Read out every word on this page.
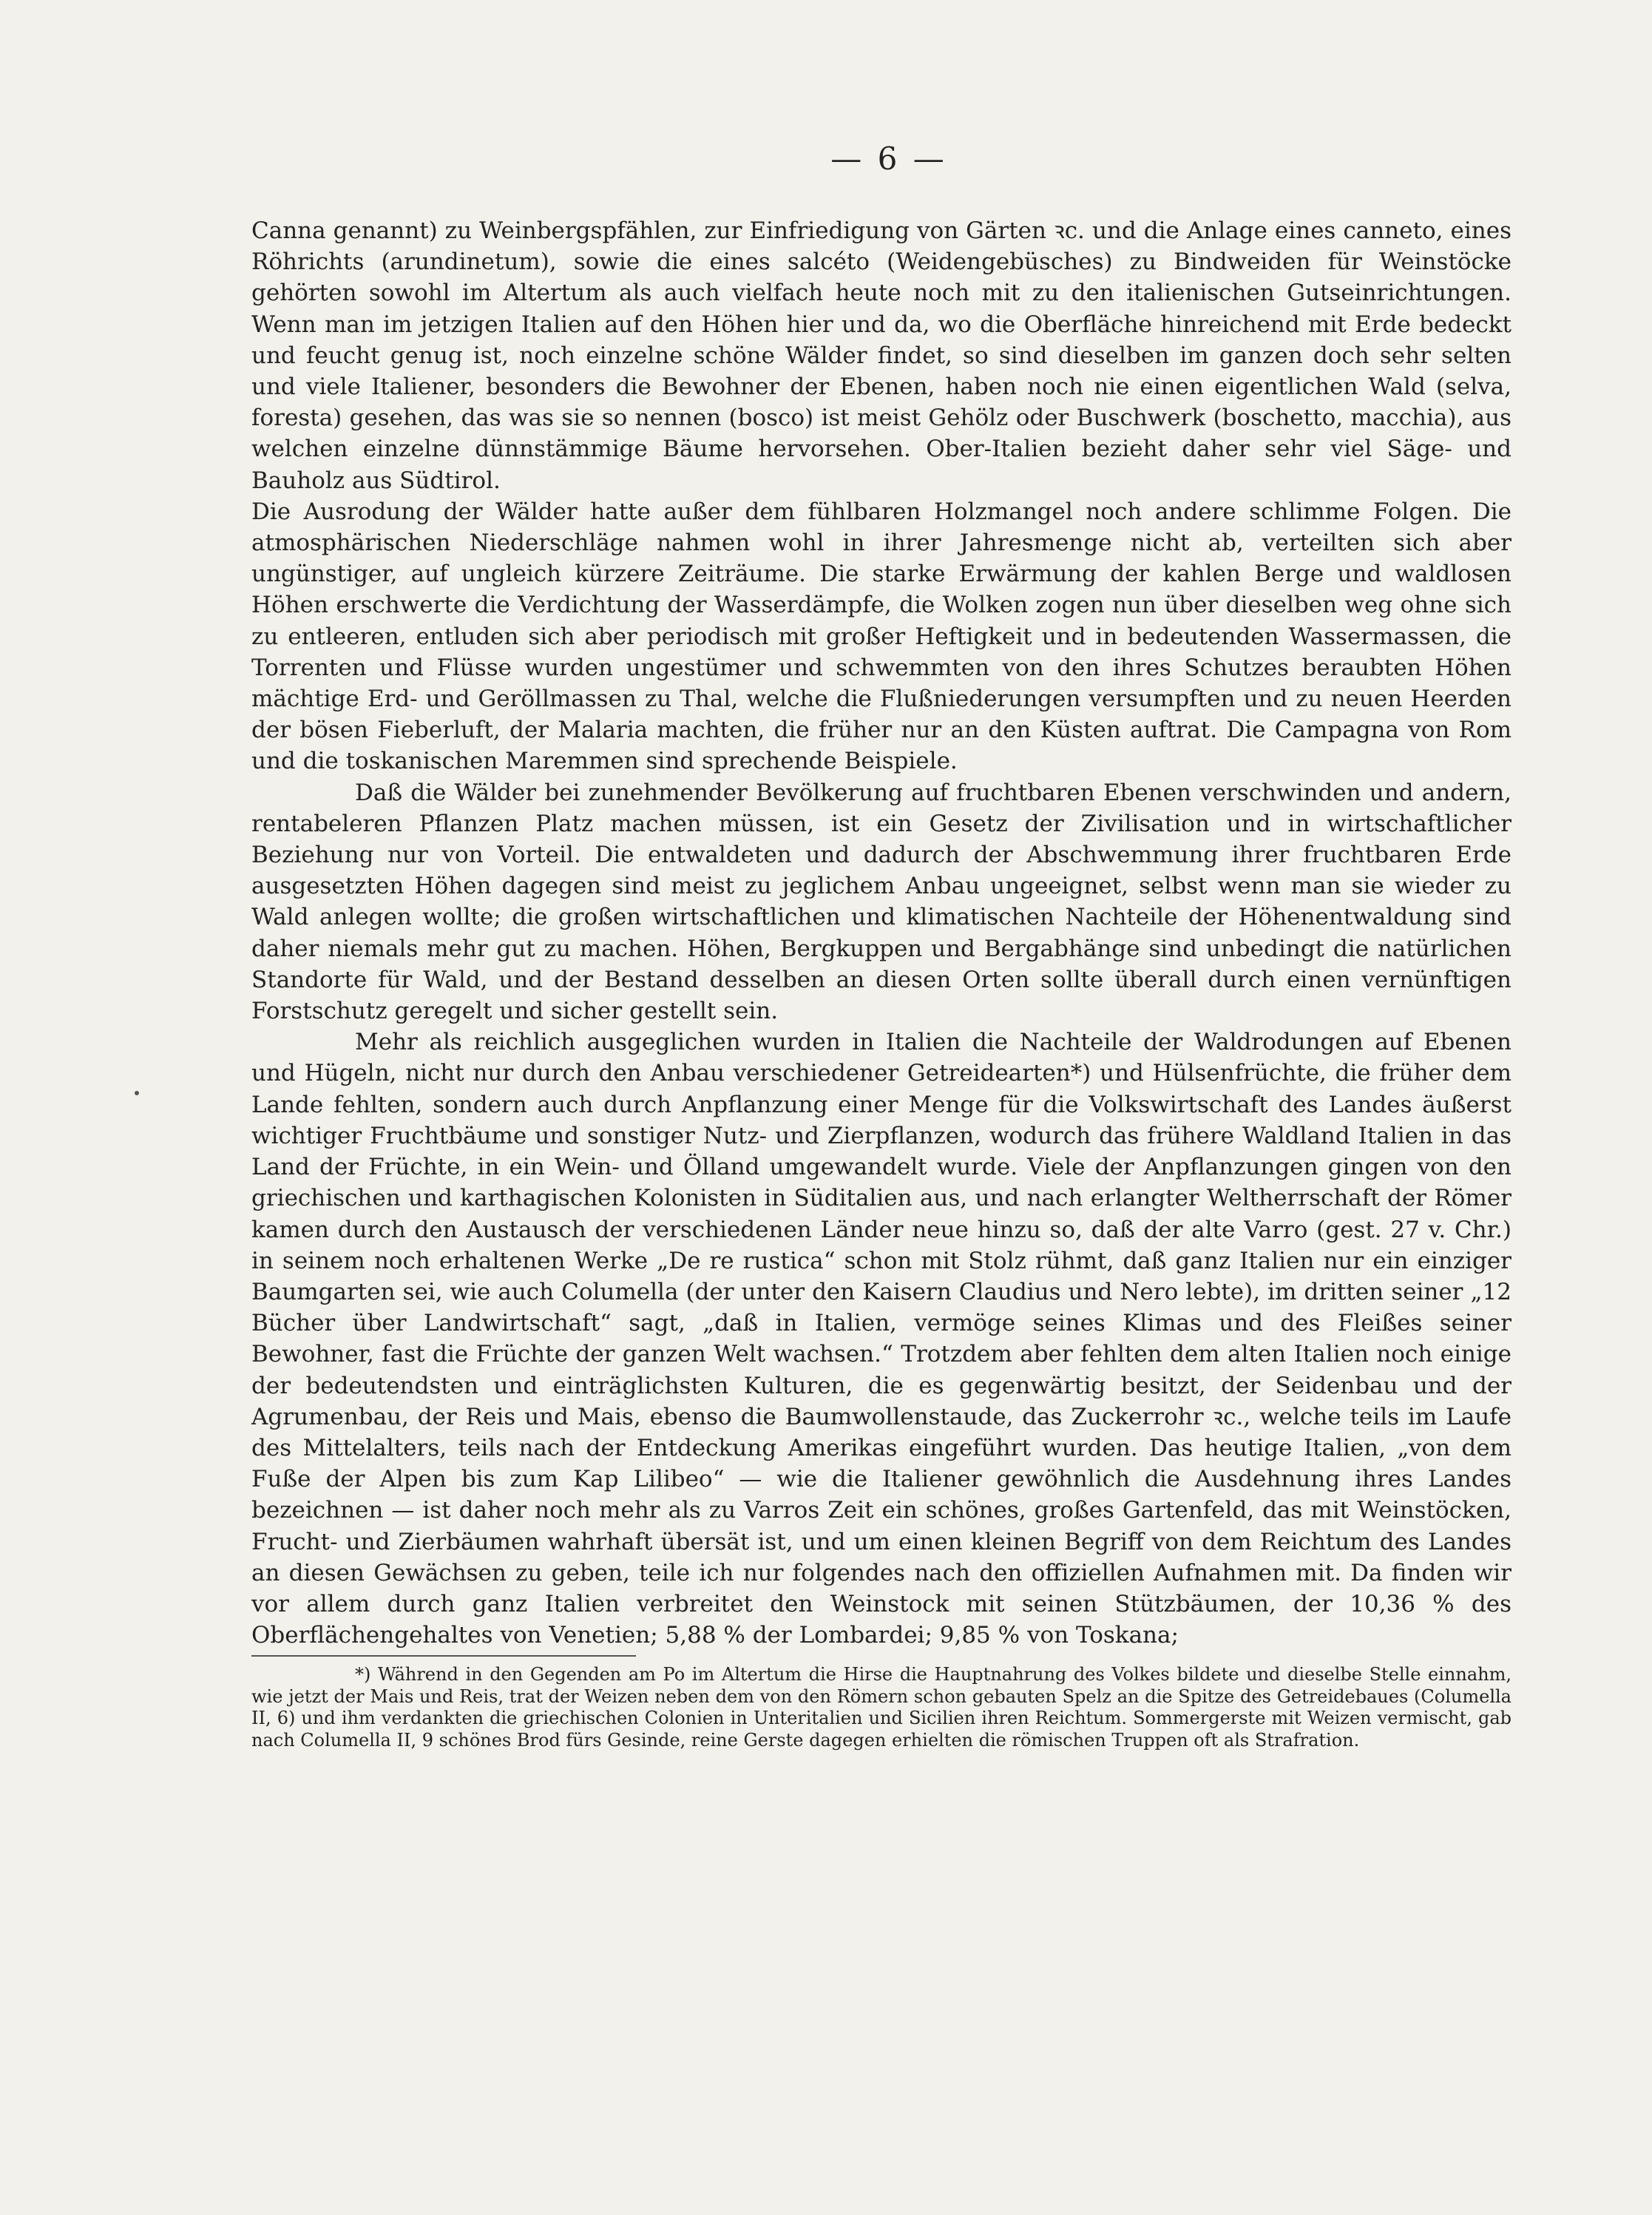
— 6 —

Canna genannt) zu Weinbergspfählen, zur Einfriedigung von Gärten ꝛc. und die Anlage eines canneto, eines Röhrichts (arundinetum), sowie die eines salcéto (Weidengebüsches) zu Bindweiden für Weinstöcke gehörten sowohl im Altertum als auch vielfach heute noch mit zu den italienischen Gutseinrichtungen. Wenn man im jetzigen Italien auf den Höhen hier und da, wo die Oberfläche hinreichend mit Erde bedeckt und feucht genug ist, noch einzelne schöne Wälder findet, so sind dieselben im ganzen doch sehr selten und viele Italiener, besonders die Bewohner der Ebenen, haben noch nie einen eigentlichen Wald (selva, foresta) gesehen, das was sie so nennen (bosco) ist meist Gehölz oder Buschwerk (boschetto, macchia), aus welchen einzelne dünnstämmige Bäume hervorsehen. Ober-Italien bezieht daher sehr viel Säge- und Bauholz aus Südtirol.

Die Ausrodung der Wälder hatte außer dem fühlbaren Holzmangel noch andere schlimme Folgen. Die atmosphärischen Niederschläge nahmen wohl in ihrer Jahresmenge nicht ab, verteilten sich aber ungünstiger, auf ungleich kürzere Zeiträume. Die starke Erwärmung der kahlen Berge und waldlosen Höhen erschwerte die Verdichtung der Wasserdämpfe, die Wolken zogen nun über dieselben weg ohne sich zu entleeren, entluden sich aber periodisch mit großer Heftigkeit und in bedeutenden Wassermassen, die Torrenten und Flüsse wurden ungestümer und schwemmten von den ihres Schutzes beraubten Höhen mächtige Erd- und Geröllmassen zu Thal, welche die Flußniederungen versumpften und zu neuen Heerden der bösen Fieberluft, der Malaria machten, die früher nur an den Küsten auftrat. Die Campagna von Rom und die toskanischen Maremmen sind sprechende Beispiele.

Daß die Wälder bei zunehmender Bevölkerung auf fruchtbaren Ebenen verschwinden und andern, rentabeleren Pflanzen Platz machen müssen, ist ein Gesetz der Zivilisation und in wirtschaftlicher Beziehung nur von Vorteil. Die entwaldeten und dadurch der Abschwemmung ihrer fruchtbaren Erde ausgesetzten Höhen dagegen sind meist zu jeglichem Anbau ungeeignet, selbst wenn man sie wieder zu Wald anlegen wollte; die großen wirtschaftlichen und klimatischen Nachteile der Höhenentwaldung sind daher niemals mehr gut zu machen. Höhen, Bergkuppen und Bergabhänge sind unbedingt die natürlichen Standorte für Wald, und der Bestand desselben an diesen Orten sollte überall durch einen vernünftigen Forstschutz geregelt und sicher gestellt sein.

Mehr als reichlich ausgeglichen wurden in Italien die Nachteile der Waldrodungen auf Ebenen und Hügeln, nicht nur durch den Anbau verschiedener Getreidearten*) und Hülsenfrüchte, die früher dem Lande fehlten, sondern auch durch Anpflanzung einer Menge für die Volkswirtschaft des Landes äußerst wichtiger Fruchtbäume und sonstiger Nutz- und Zierpflanzen, wodurch das frühere Waldland Italien in das Land der Früchte, in ein Wein- und Ölland umgewandelt wurde. Viele der Anpflanzungen gingen von den griechischen und karthagischen Kolonisten in Süditalien aus, und nach erlangter Weltherrschaft der Römer kamen durch den Austausch der verschiedenen Länder neue hinzu so, daß der alte Varro (gest. 27 v. Chr.) in seinem noch erhaltenen Werke „De re rustica“ schon mit Stolz rühmt, daß ganz Italien nur ein einziger Baumgarten sei, wie auch Columella (der unter den Kaisern Claudius und Nero lebte), im dritten seiner „12 Bücher über Landwirtschaft“ sagt, „daß in Italien, vermöge seines Klimas und des Fleißes seiner Bewohner, fast die Früchte der ganzen Welt wachsen.“ Trotzdem aber fehlten dem alten Italien noch einige der bedeutendsten und einträglichsten Kulturen, die es gegenwärtig besitzt, der Seidenbau und der Agrumenbau, der Reis und Mais, ebenso die Baumwollenstaude, das Zuckerrohr ꝛc., welche teils im Laufe des Mittelalters, teils nach der Entdeckung Amerikas eingeführt wurden. Das heutige Italien, „von dem Fuße der Alpen bis zum Kap Lilibeo“ — wie die Italiener gewöhnlich die Ausdehnung ihres Landes bezeichnen — ist daher noch mehr als zu Varros Zeit ein schönes, großes Gartenfeld, das mit Weinstöcken, Frucht- und Zierbäumen wahrhaft übersät ist, und um einen kleinen Begriff von dem Reichtum des Landes an diesen Gewächsen zu geben, teile ich nur folgendes nach den offiziellen Aufnahmen mit. Da finden wir vor allem durch ganz Italien verbreitet den Weinstock mit seinen Stützbäumen, der 10,36 % des Oberflächengehaltes von Venetien; 5,88 % der Lombardei; 9,85 % von Toskana;

*) Während in den Gegenden am Po im Altertum die Hirse die Hauptnahrung des Volkes bildete und dieselbe Stelle einnahm, wie jetzt der Mais und Reis, trat der Weizen neben dem von den Römern schon gebauten Spelz an die Spitze des Getreidebaues (Columella II, 6) und ihm verdankten die griechischen Colonien in Unteritalien und Sicilien ihren Reichtum. Sommergerste mit Weizen vermischt, gab nach Columella II, 9 schönes Brod fürs Gesinde, reine Gerste dagegen erhielten die römischen Truppen oft als Strafration.
